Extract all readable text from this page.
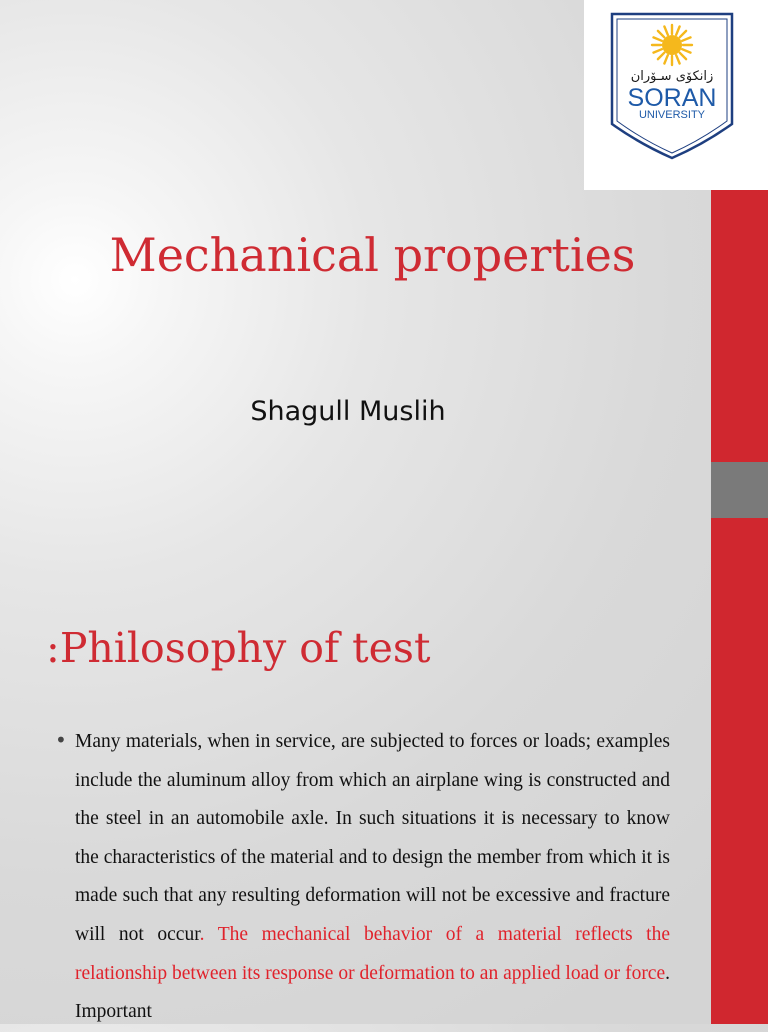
زانكۆی سـۆران
SORAN
UNIVERSITY
Mechanical properties
Shagull Muslih
:Philosophy of test
• Many materials, when in service, are subjected to forces or loads; examples include the aluminum alloy from which an airplane wing is constructed and the steel in an automobile axle. In such situations it is necessary to know the characteristics of the material and to design the member from which it is made such that any resulting deformation will not be excessive and fracture will not occur. The mechanical behavior of a material reflects the relationship between its response or deformation to an applied load or force. Important
